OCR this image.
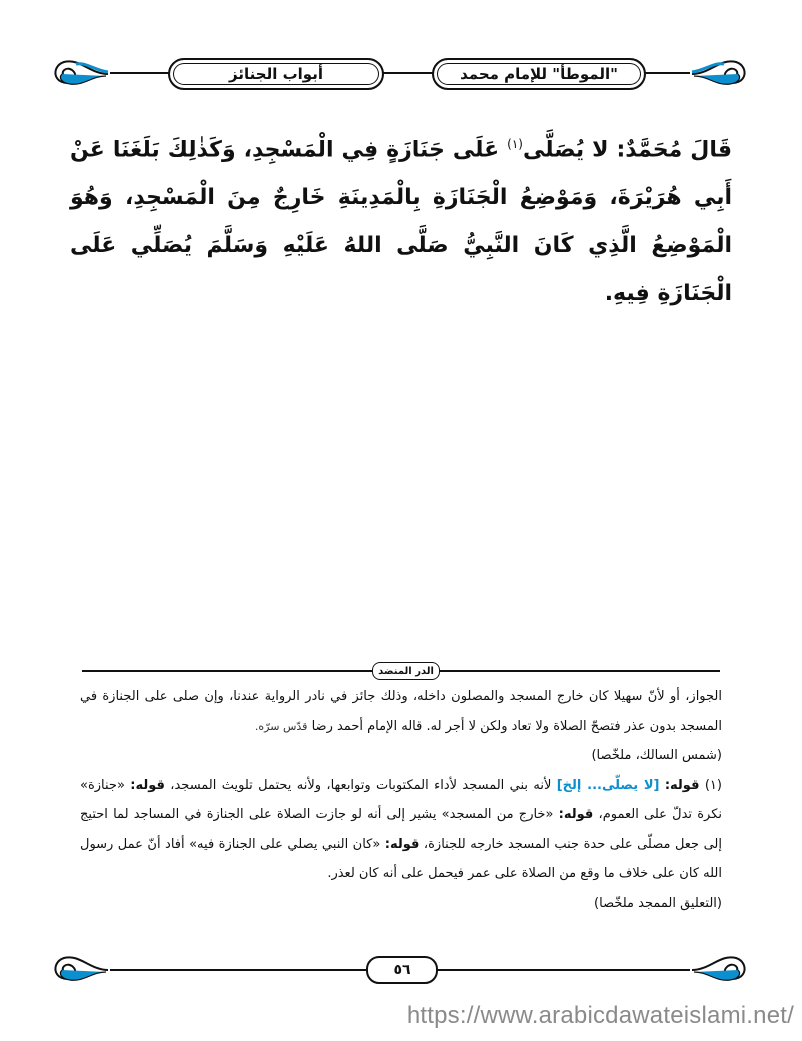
"الموطأ" للإمام محمد
أبواب الجنائز
قَالَ مُحَمَّدٌ: لا يُصَلَّى$^{(١)}$ عَلَى جَنَازَةٍ فِي الْمَسْجِدِ، وَكَذٰلِكَ بَلَغَنَا عَنْ أَبِي هُرَيْرَةَ، وَمَوْضِعُ الْجَنَازَةِ بِالْمَدِينَةِ خَارِجٌ مِنَ الْمَسْجِدِ، وَهُوَ الْمَوْضِعُ الَّذِي كَانَ النَّبِيُّ صَلَّى اللهُ عَلَيْهِ وَسَلَّمَ يُصَلِّي عَلَى الْجَنَازَةِ فِيهِ.
الدر المنضد

الجواز، أو لأنّ سهيلا كان خارج المسجد والمصلون داخله، وذلك جائز في نادر الرواية عندنا، وإن صلى على الجنازة في المسجد بدون عذر فتصحّ الصلاة ولا تعاد ولكن لا أجر له. قاله الإمام أحمد رضا قدّس سرّه.

(شمس السالك، ملخّصا)

(١) قوله: [لا يصلّى... إلخ] لأنه بني المسجد لأداء المكتوبات وتوابعها، ولأنه يحتمل تلويث المسجد، قوله: «جنازة» نكرة تدلّ على العموم، قوله: «خارج من المسجد» يشير إلى أنه لو جازت الصلاة على الجنازة في المساجد لما احتيج إلى جعل مصلّى على حدة جنب المسجد خارجه للجنازة، قوله: «كان النبي يصلي على الجنازة فيه» أفاد أنّ عمل رسول الله كان على خلاف ما وقع من الصلاة على عمر فيحمل على أنه كان لعذر.

(التعليق الممجد ملخّصا)

٥٦
https://www.arabicdawateislami.net/
